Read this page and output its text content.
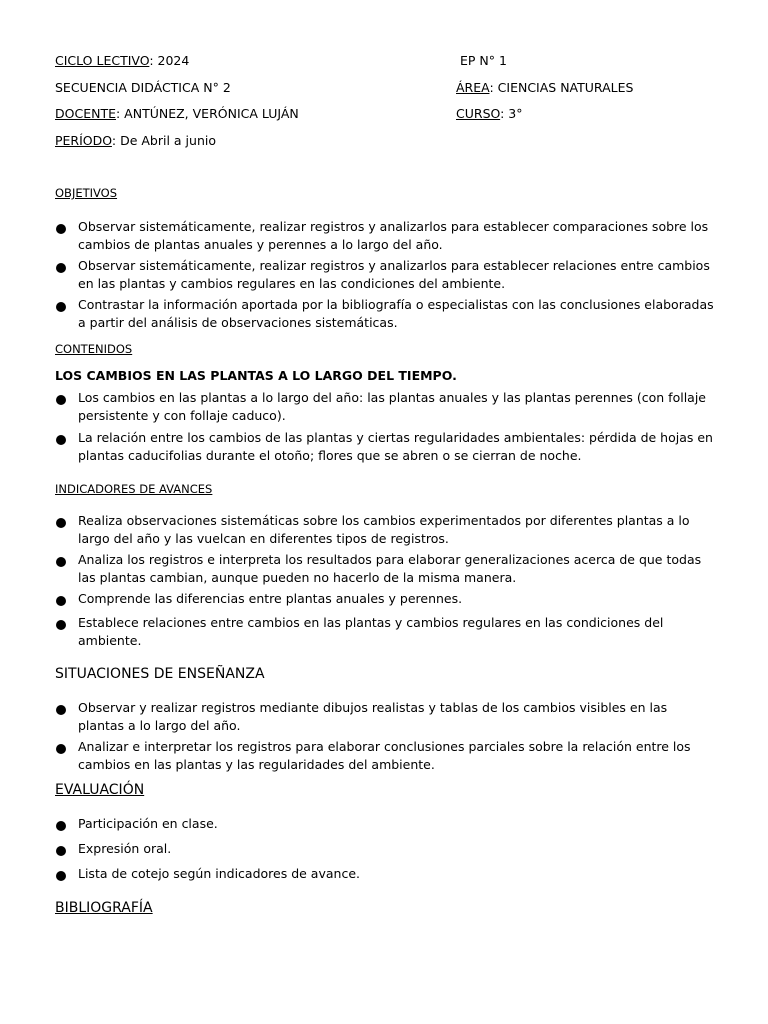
CICLO LECTIVO: 2024	EP N° 1
SECUENCIA DIDÁCTICA N° 2	ÁREA: CIENCIAS NATURALES
DOCENTE: ANTÚNEZ, VERÓNICA LUJÁN	CURSO: 3°
PERÍODO: De Abril a junio
OBJETIVOS
Observar sistemáticamente, realizar registros y analizarlos para establecer comparaciones sobre los cambios de plantas anuales y perennes a lo largo del año.
Observar sistemáticamente, realizar registros y analizarlos para establecer relaciones entre cambios en las plantas y cambios regulares en las condiciones del ambiente.
Contrastar la información aportada por la bibliografía o especialistas con las conclusiones elaboradas a partir del análisis de observaciones sistemáticas.
CONTENIDOS
LOS CAMBIOS EN LAS PLANTAS A LO LARGO DEL TIEMPO.
Los cambios en las plantas a lo largo del año: las plantas anuales y las plantas perennes (con follaje persistente y con follaje caduco).
La relación entre los cambios de las plantas y ciertas regularidades ambientales: pérdida de hojas en plantas caducifolias durante el otoño; flores que se abren o se cierran de noche.
INDICADORES DE AVANCES
Realiza observaciones sistemáticas sobre los cambios experimentados por diferentes plantas a lo largo del año y las vuelcan en diferentes tipos de registros.
Analiza los registros e interpreta los resultados para elaborar generalizaciones acerca de que todas las plantas cambian, aunque pueden no hacerlo de la misma manera.
Comprende las diferencias entre plantas anuales y perennes.
Establece relaciones entre cambios en las plantas y cambios regulares en las condiciones del ambiente.
SITUACIONES DE ENSEÑANZA
Observar y realizar registros mediante dibujos realistas y tablas de los cambios visibles en las plantas a lo largo del año.
Analizar e interpretar los registros para elaborar conclusiones parciales sobre la relación entre los cambios en las plantas y las regularidades del ambiente.
EVALUACIÓN
Participación en clase.
Expresión oral.
Lista de cotejo según indicadores de avance.
BIBLIOGRAFÍA
